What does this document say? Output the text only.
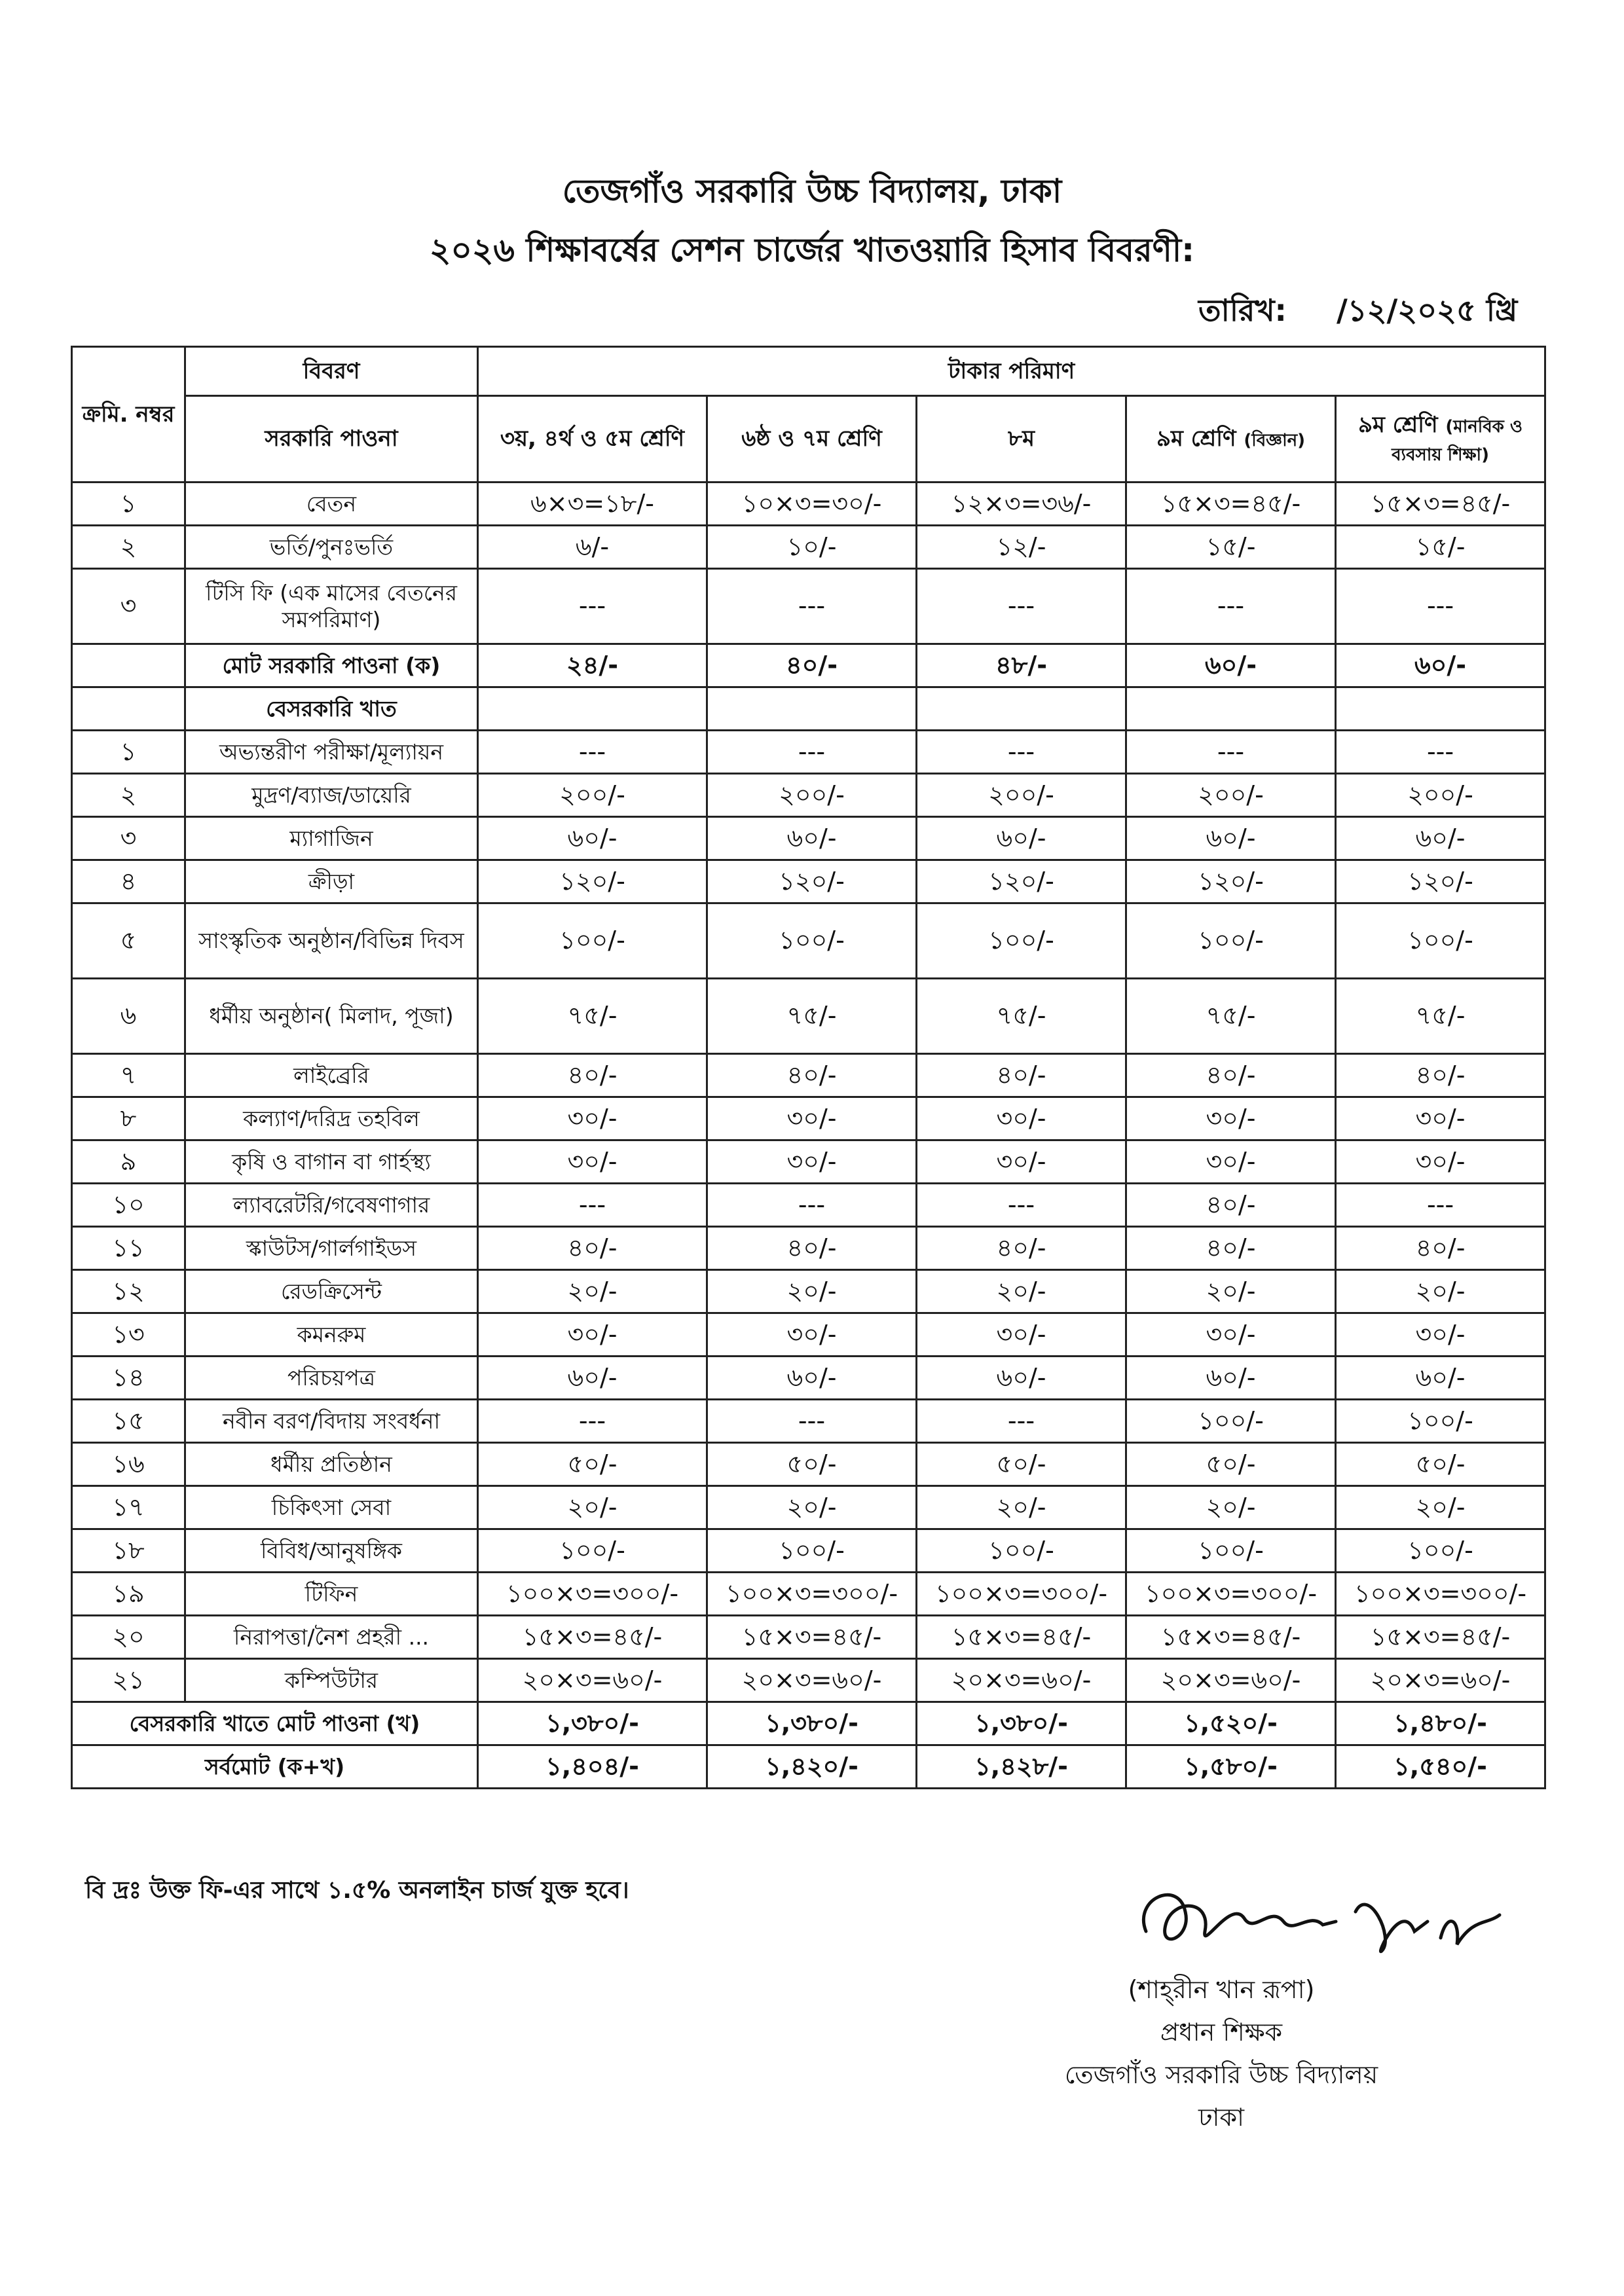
তেজগাঁও সরকারি উচ্চ বিদ্যালয়, ঢাকা
২০২৬ শিক্ষাবর্ষের সেশন চার্জের খাতওয়ারি হিসাব বিবরণী:
তারিখ: /১২/২০২৫ খ্রি
ক্রমি. নম্বর	বিবরণ	টাকার পরিমাণ				
	সরকারি পাওনা	৩য়, ৪র্থ ও ৫ম শ্রেণি	৬ষ্ঠ ও ৭ম শ্রেণি	৮ম	৯ম শ্রেণি (বিজ্ঞান)	৯ম শ্রেণি (মানবিক ও ব্যবসায় শিক্ষা)
১	বেতন	৬×৩=১৮/-	১০×৩=৩০/-	১২×৩=৩৬/-	১৫×৩=৪৫/-	১৫×৩=৪৫/-
২	ভর্তি/পুনঃভর্তি	৬/-	১০/-	১২/-	১৫/-	১৫/-
৩	টিসি ফি (এক মাসের বেতনের সমপরিমাণ)	---	---	---	---	---
	মোট সরকারি পাওনা (ক)	২৪/-	৪০/-	৪৮/-	৬০/-	৬০/-
	বেসরকারি খাত					
১	অভ্যন্তরীণ পরীক্ষা/মূল্যায়ন	---	---	---	---	---
২	মুদ্রণ/ব্যাজ/ডায়েরি	২০০/-	২০০/-	২০০/-	২০০/-	২০০/-
৩	ম্যাগাজিন	৬০/-	৬০/-	৬০/-	৬০/-	৬০/-
৪	ক্রীড়া	১২০/-	১২০/-	১২০/-	১২০/-	১২০/-
৫	সাংস্কৃতিক অনুষ্ঠান/বিভিন্ন দিবস	১০০/-	১০০/-	১০০/-	১০০/-	১০০/-
৬	ধর্মীয় অনুষ্ঠান( মিলাদ, পূজা)	৭৫/-	৭৫/-	৭৫/-	৭৫/-	৭৫/-
৭	লাইব্রেরি	৪০/-	৪০/-	৪০/-	৪০/-	৪০/-
৮	কল্যাণ/দরিদ্র তহবিল	৩০/-	৩০/-	৩০/-	৩০/-	৩০/-
৯	কৃষি ও বাগান বা গার্হস্থ্য	৩০/-	৩০/-	৩০/-	৩০/-	৩০/-
১০	ল্যাবরেটরি/গবেষণাগার	---	---	---	৪০/-	---
১১	স্কাউটস/গার্লগাইডস	৪০/-	৪০/-	৪০/-	৪০/-	৪০/-
১২	রেডক্রিসেন্ট	২০/-	২০/-	২০/-	২০/-	২০/-
১৩	কমনরুম	৩০/-	৩০/-	৩০/-	৩০/-	৩০/-
১৪	পরিচয়পত্র	৬০/-	৬০/-	৬০/-	৬০/-	৬০/-
১৫	নবীন বরণ/বিদায় সংবর্ধনা	---	---	---	১০০/-	১০০/-
১৬	ধর্মীয় প্রতিষ্ঠান	৫০/-	৫০/-	৫০/-	৫০/-	৫০/-
১৭	চিকিৎসা সেবা	২০/-	২০/-	২০/-	২০/-	২০/-
১৮	বিবিধ/আনুষঙ্গিক	১০০/-	১০০/-	১০০/-	১০০/-	১০০/-
১৯	টিফিন	১০০×৩=৩০০/-	১০০×৩=৩০০/-	১০০×৩=৩০০/-	১০০×৩=৩০০/-	১০০×৩=৩০০/-
২০	নিরাপত্তা/নৈশ প্রহরী ...	১৫×৩=৪৫/-	১৫×৩=৪৫/-	১৫×৩=৪৫/-	১৫×৩=৪৫/-	১৫×৩=৪৫/-
২১	কম্পিউটার	২০×৩=৬০/-	২০×৩=৬০/-	২০×৩=৬০/-	২০×৩=৬০/-	২০×৩=৬০/-
বেসরকারি খাতে মোট পাওনা (খ)		১,৩৮০/-	১,৩৮০/-	১,৩৮০/-	১,৫২০/-	১,৪৮০/-
সর্বমোট (ক+খ)		১,৪০৪/-	১,৪২০/-	১,৪২৮/-	১,৫৮০/-	১,৫৪০/-
বি দ্রঃ উক্ত ফি-এর সাথে ১.৫% অনলাইন চার্জ যুক্ত হবে।
(শাহ্‌রীন খান রূপা)
প্রধান শিক্ষক
তেজগাঁও সরকারি উচ্চ বিদ্যালয়
ঢাকা
